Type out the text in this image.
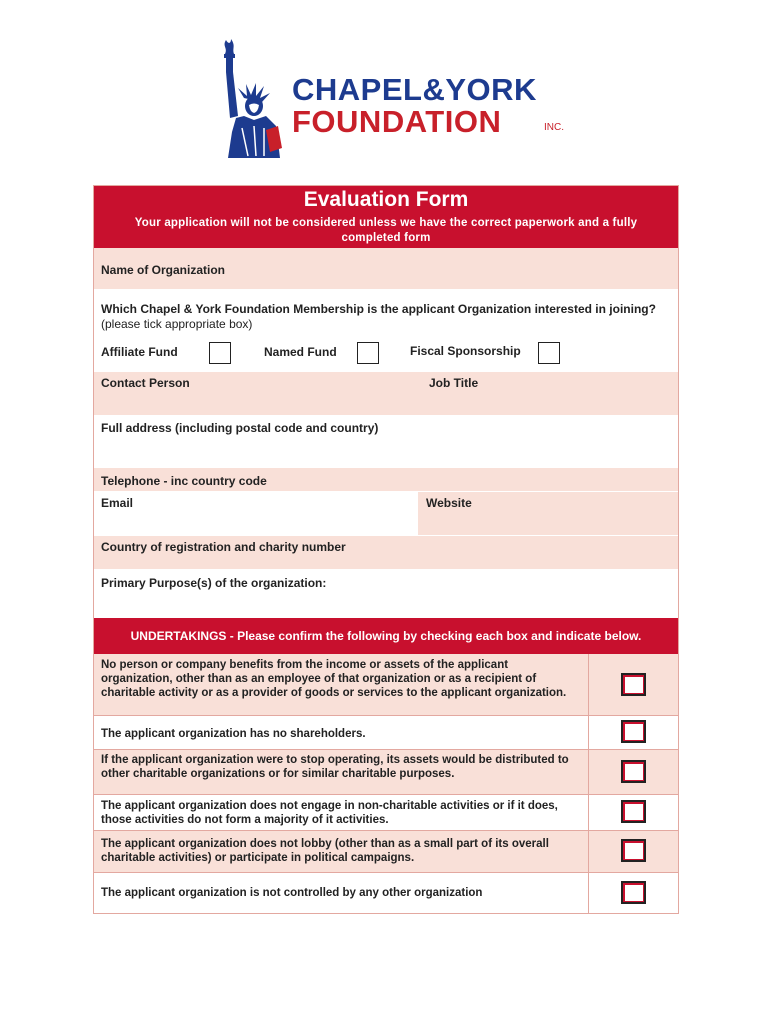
CHAPEL&YORK
FOUNDATION	INC.
Evaluation Form
Your application will not be considered unless we have the correct paperwork and a fully
completed form
Name of Organization
Which Chapel & York Foundation Membership is the applicant Organization interested in joining? (please tick appropriate box)
Affiliate Fund	Named Fund	Fiscal Sponsorship
Contact Person	Job Title
Full address (including postal code and country)
Telephone - inc country code
Email	Website
Country of registration and charity number
Primary Purpose(s) of the organization:
UNDERTAKINGS - Please confirm the following by checking each box and indicate below.
No person or company benefits from the income or assets of the applicant organization, other than as an employee of that organization or as a recipient of charitable activity or as a provider of goods or services to the applicant organization.
The applicant organization has no shareholders.
If the applicant organization were to stop operating, its assets would be distributed to other charitable organizations or for similar charitable purposes.
The applicant organization does not engage in non-charitable activities or if it does, those activities do not form a majority of it activities.
The applicant organization does not lobby (other than as a small part of its overall charitable activities) or participate in political campaigns.
The applicant organization is not controlled by any other organization
